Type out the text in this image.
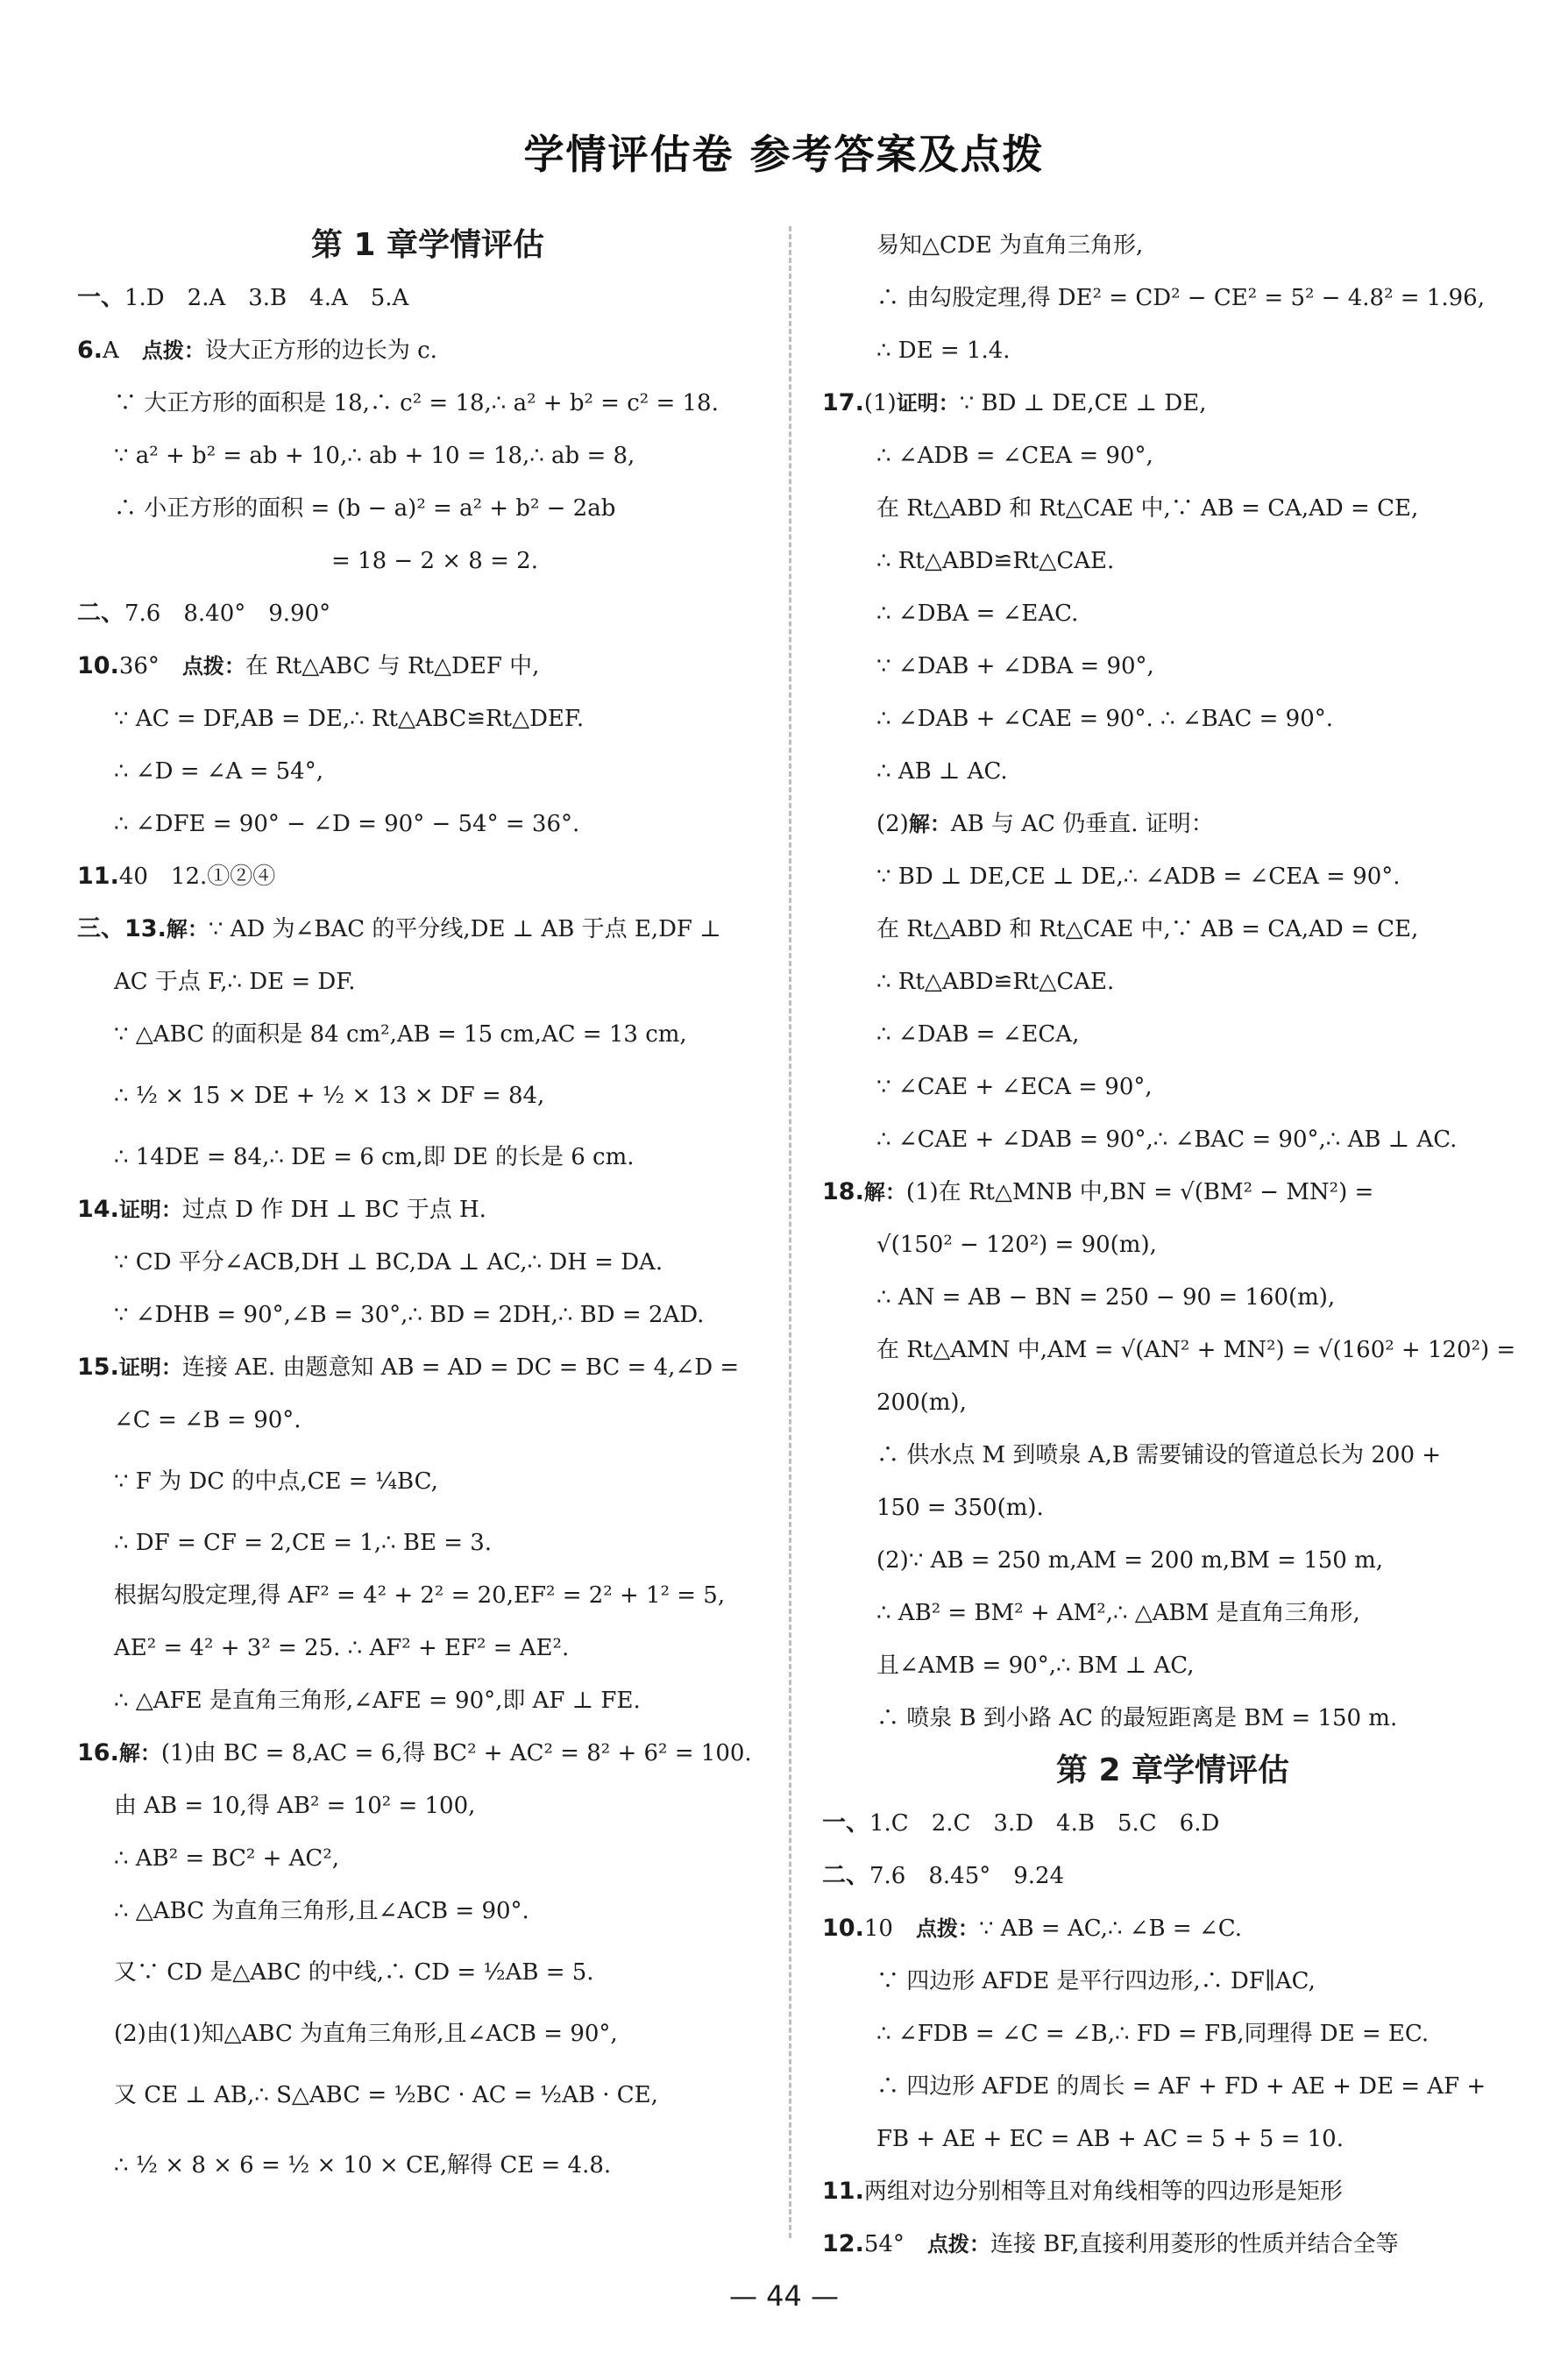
学情评估卷 参考答案及点拨
第 1 章学情评估
一、1.D　2.A　3.B　4.A　5.A
6.A　点拨：设大正方形的边长为 c.
∵ 大正方形的面积是 18,∴ c² = 18,∴ a² + b² = c² = 18.
∵ a² + b² = ab + 10,∴ ab + 10 = 18,∴ ab = 8,
∴ 小正方形的面积 = (b − a)² = a² + b² − 2ab
= 18 − 2 × 8 = 2.
二、7.6　8.40°　9.90°
10.36°　点拨：在 Rt△ABC 与 Rt△DEF 中,
∵ AC = DF,AB = DE,∴ Rt△ABC≌Rt△DEF.
∴ ∠D = ∠A = 54°,
∴ ∠DFE = 90° − ∠D = 90° − 54° = 36°.
11.40　12.①②④
三、13.解：∵ AD 为∠BAC 的平分线,DE ⊥ AB 于点 E,DF ⊥
AC 于点 F,∴ DE = DF.
∵ △ABC 的面积是 84 cm²,AB = 15 cm,AC = 13 cm,
∴ ½ × 15 × DE + ½ × 13 × DF = 84,
∴ 14DE = 84,∴ DE = 6 cm,即 DE 的长是 6 cm.
14.证明：过点 D 作 DH ⊥ BC 于点 H.
∵ CD 平分∠ACB,DH ⊥ BC,DA ⊥ AC,∴ DH = DA.
∵ ∠DHB = 90°,∠B = 30°,∴ BD = 2DH,∴ BD = 2AD.
15.证明：连接 AE. 由题意知 AB = AD = DC = BC = 4,∠D =
∠C = ∠B = 90°.
∵ F 为 DC 的中点,CE = ¼BC,
∴ DF = CF = 2,CE = 1,∴ BE = 3.
根据勾股定理,得 AF² = 4² + 2² = 20,EF² = 2² + 1² = 5,
AE² = 4² + 3² = 25. ∴ AF² + EF² = AE².
∴ △AFE 是直角三角形,∠AFE = 90°,即 AF ⊥ FE.
16.解：(1)由 BC = 8,AC = 6,得 BC² + AC² = 8² + 6² = 100.
由 AB = 10,得 AB² = 10² = 100,
∴ AB² = BC² + AC²,
∴ △ABC 为直角三角形,且∠ACB = 90°.
又∵ CD 是△ABC 的中线,∴ CD = ½AB = 5.
(2)由(1)知△ABC 为直角三角形,且∠ACB = 90°,
又 CE ⊥ AB,∴ S△ABC = ½BC · AC = ½AB · CE,
∴ ½ × 8 × 6 = ½ × 10 × CE,解得 CE = 4.8.
易知△CDE 为直角三角形,
∴ 由勾股定理,得 DE² = CD² − CE² = 5² − 4.8² = 1.96,
∴ DE = 1.4.
17.(1)证明：∵ BD ⊥ DE,CE ⊥ DE,
∴ ∠ADB = ∠CEA = 90°,
在 Rt△ABD 和 Rt△CAE 中,∵ AB = CA,AD = CE,
∴ Rt△ABD≌Rt△CAE.
∴ ∠DBA = ∠EAC.
∵ ∠DAB + ∠DBA = 90°,
∴ ∠DAB + ∠CAE = 90°. ∴ ∠BAC = 90°.
∴ AB ⊥ AC.
(2)解：AB 与 AC 仍垂直. 证明：
∵ BD ⊥ DE,CE ⊥ DE,∴ ∠ADB = ∠CEA = 90°.
在 Rt△ABD 和 Rt△CAE 中,∵ AB = CA,AD = CE,
∴ Rt△ABD≌Rt△CAE.
∴ ∠DAB = ∠ECA,
∵ ∠CAE + ∠ECA = 90°,
∴ ∠CAE + ∠DAB = 90°,∴ ∠BAC = 90°,∴ AB ⊥ AC.
18.解：(1)在 Rt△MNB 中,BN = √(BM² − MN²) =
√(150² − 120²) = 90(m),
∴ AN = AB − BN = 250 − 90 = 160(m),
在 Rt△AMN 中,AM = √(AN² + MN²) = √(160² + 120²) =
200(m),
∴ 供水点 M 到喷泉 A,B 需要铺设的管道总长为 200 +
150 = 350(m).
(2)∵ AB = 250 m,AM = 200 m,BM = 150 m,
∴ AB² = BM² + AM²,∴ △ABM 是直角三角形,
且∠AMB = 90°,∴ BM ⊥ AC,
∴ 喷泉 B 到小路 AC 的最短距离是 BM = 150 m.
第 2 章学情评估
一、1.C　2.C　3.D　4.B　5.C　6.D
二、7.6　8.45°　9.24
10.10　点拨：∵ AB = AC,∴ ∠B = ∠C.
∵ 四边形 AFDE 是平行四边形,∴ DF∥AC,
∴ ∠FDB = ∠C = ∠B,∴ FD = FB,同理得 DE = EC.
∴ 四边形 AFDE 的周长 = AF + FD + AE + DE = AF +
FB + AE + EC = AB + AC = 5 + 5 = 10.
11.两组对边分别相等且对角线相等的四边形是矩形
12.54°　点拨：连接 BF,直接利用菱形的性质并结合全等
— 44 —
